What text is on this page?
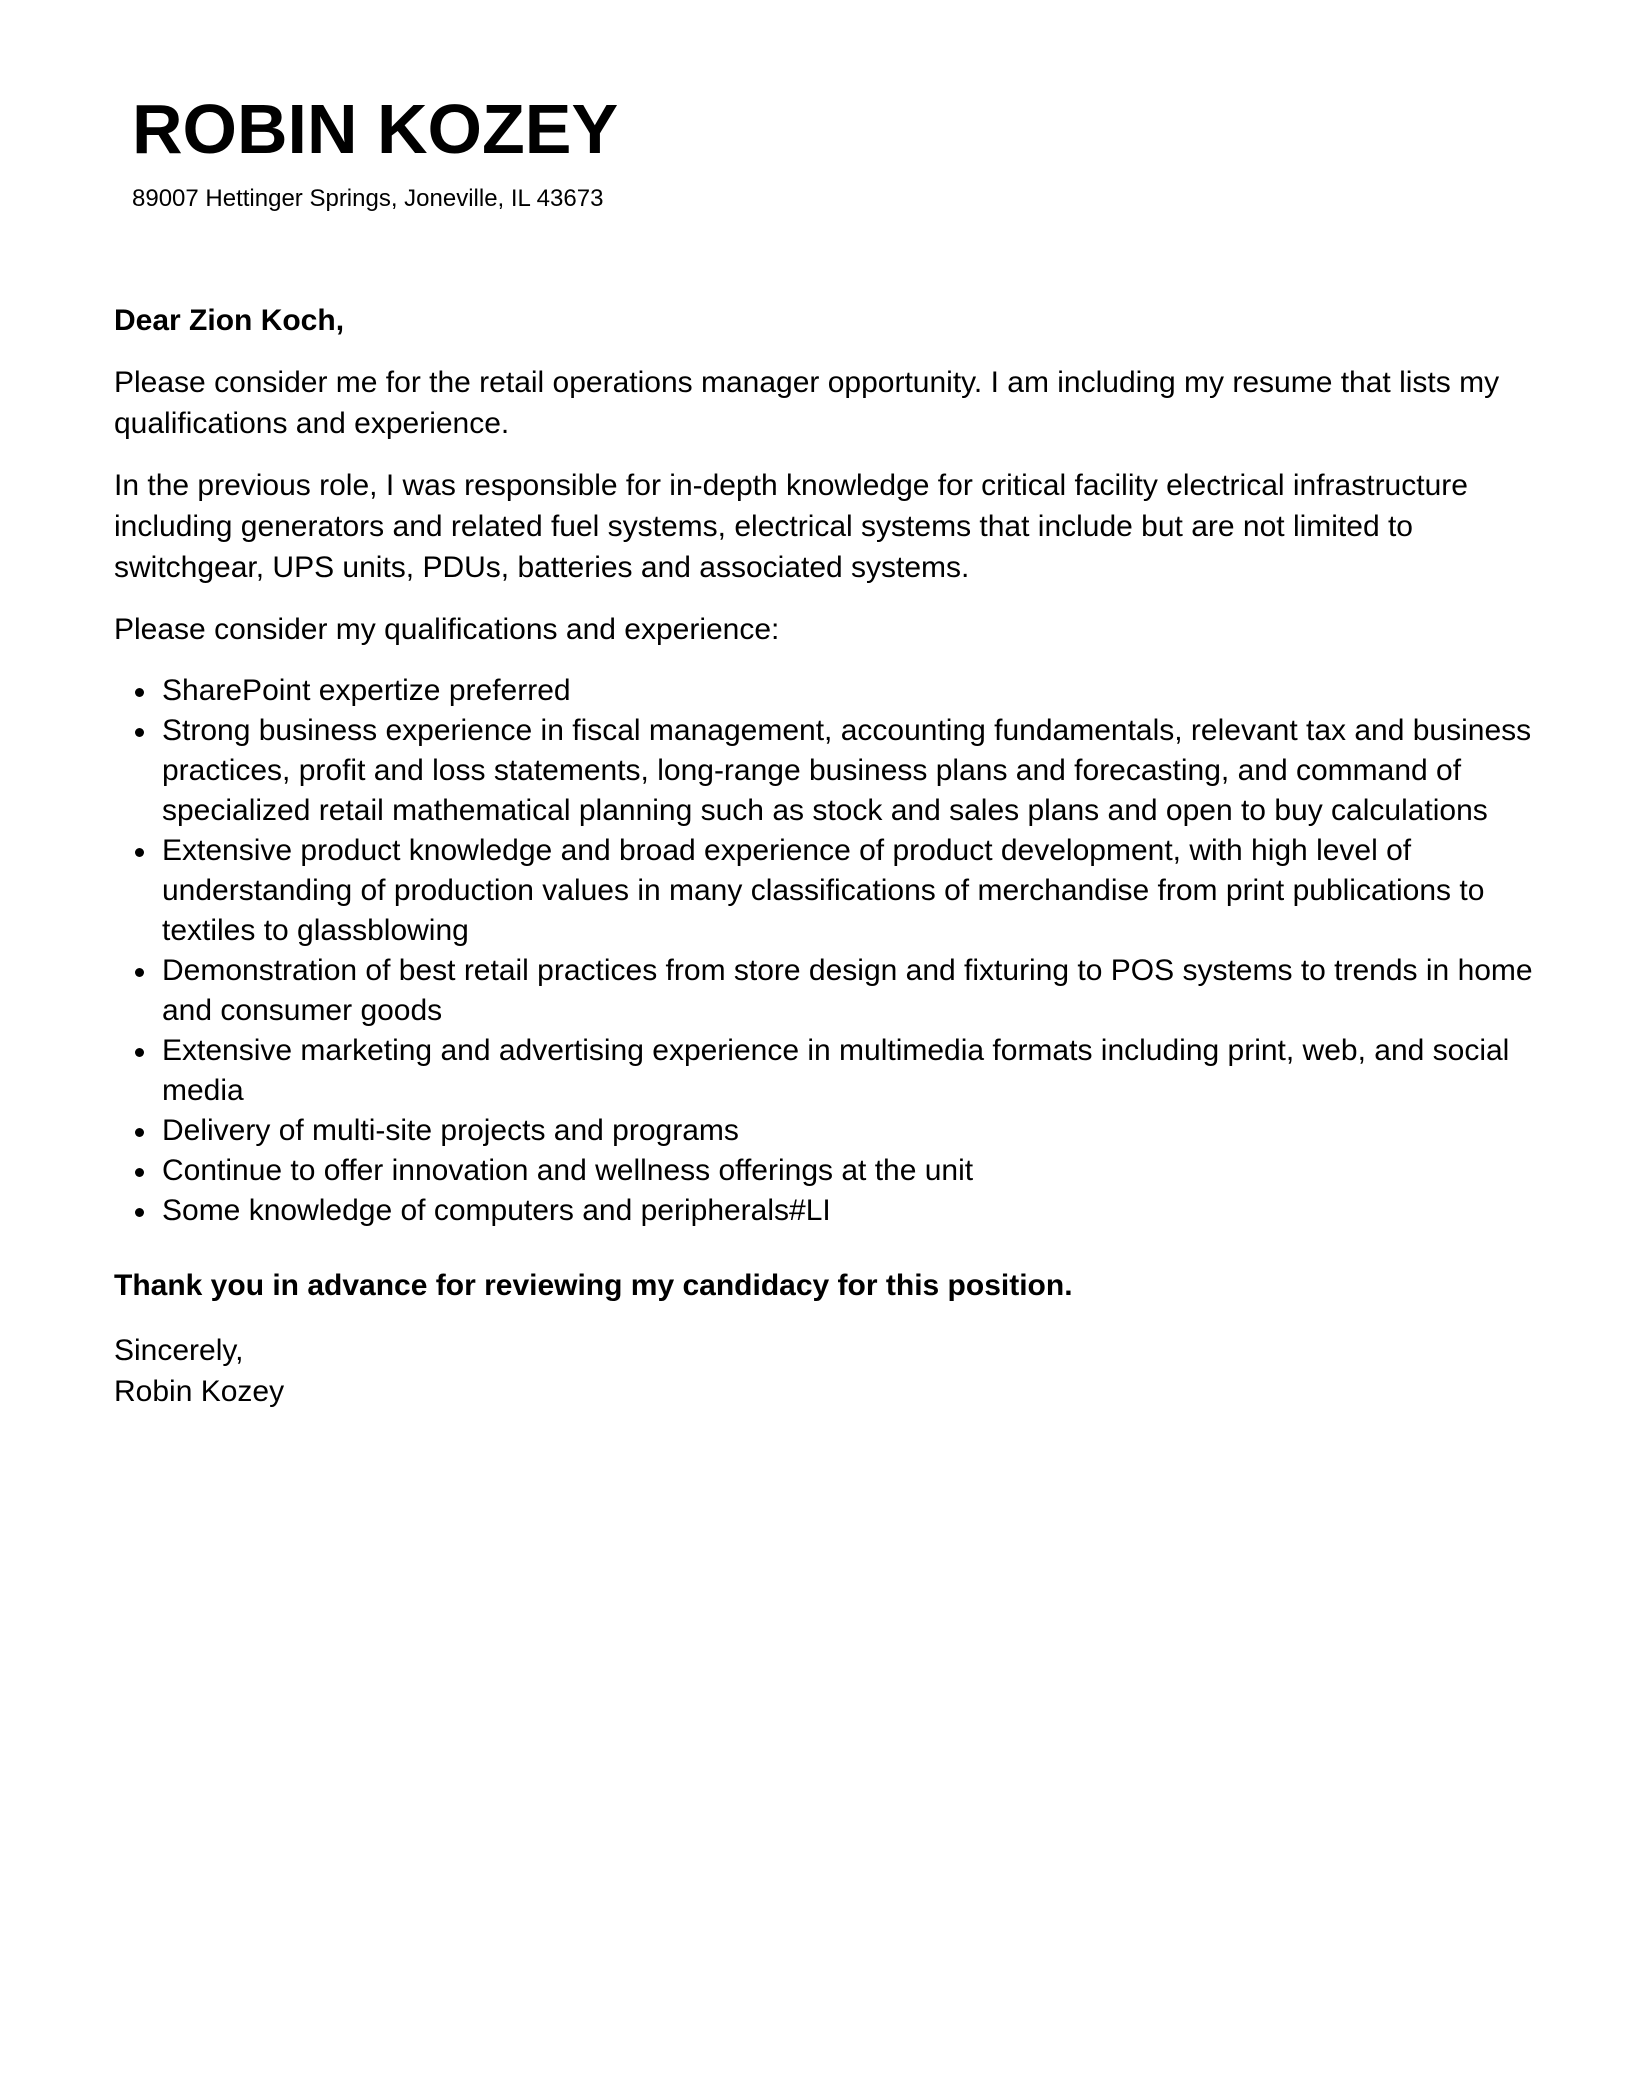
ROBIN KOZEY
89007 Hettinger Springs, Joneville, IL 43673

Dear Zion Koch,

Please consider me for the retail operations manager opportunity. I am including my resume that lists my qualifications and experience.

In the previous role, I was responsible for in-depth knowledge for critical facility electrical infrastructure including generators and related fuel systems, electrical systems that include but are not limited to switchgear, UPS units, PDUs, batteries and associated systems.

Please consider my qualifications and experience:

SharePoint expertize preferred
Strong business experience in fiscal management, accounting fundamentals, relevant tax and business practices, profit and loss statements, long-range business plans and forecasting, and command of specialized retail mathematical planning such as stock and sales plans and open to buy calculations
Extensive product knowledge and broad experience of product development, with high level of understanding of production values in many classifications of merchandise from print publications to textiles to glassblowing
Demonstration of best retail practices from store design and fixturing to POS systems to trends in home and consumer goods
Extensive marketing and advertising experience in multimedia formats including print, web, and social media
Delivery of multi-site projects and programs
Continue to offer innovation and wellness offerings at the unit
Some knowledge of computers and peripherals#LI

Thank you in advance for reviewing my candidacy for this position.

Sincerely,

Robin Kozey
